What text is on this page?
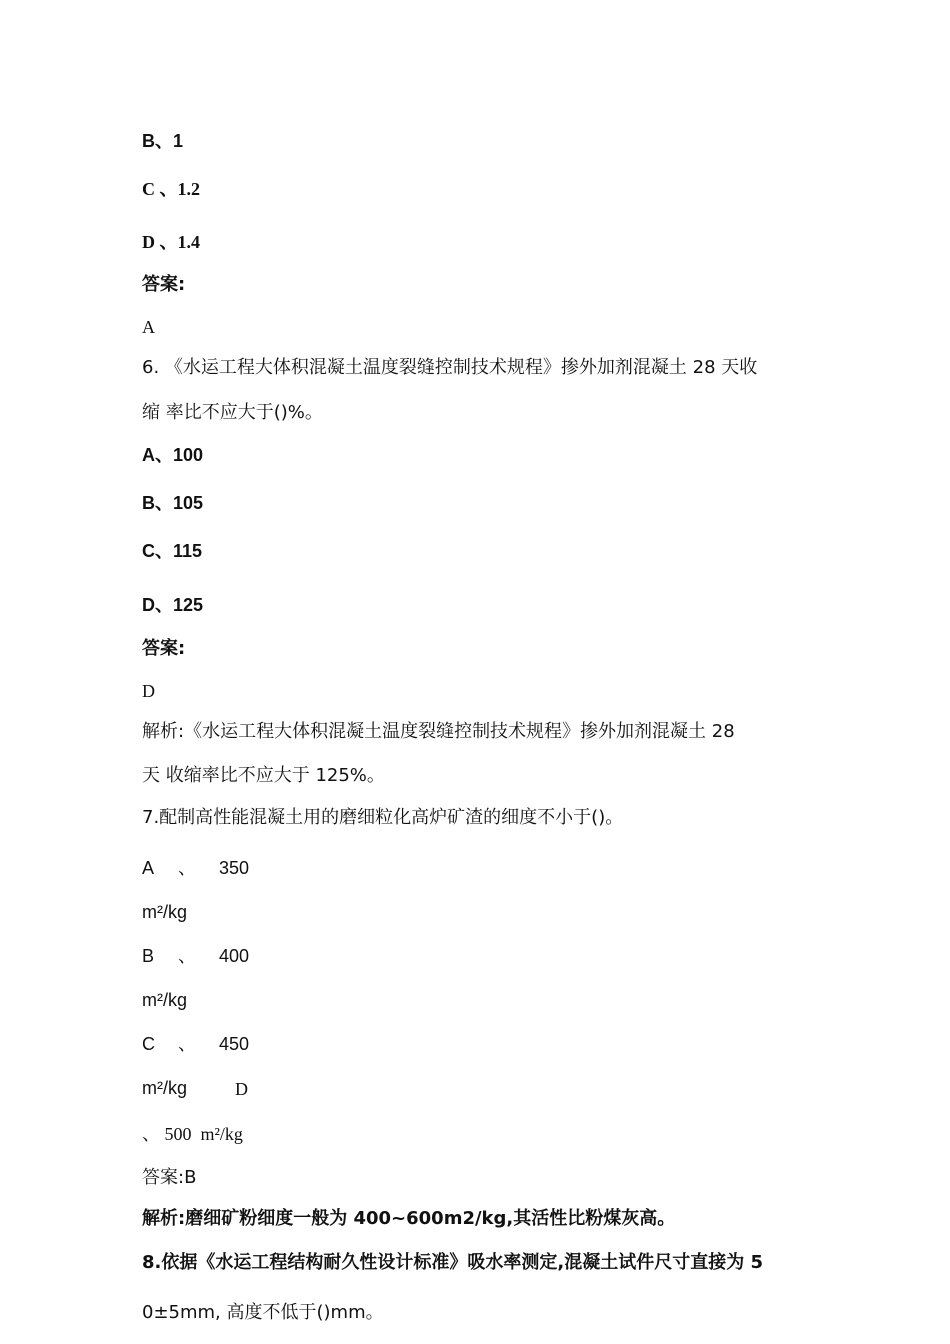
B、1
C 、1.2
D 、1.4
答案:
A
6. 《水运工程大体积混凝土温度裂缝控制技术规程》掺外加剂混凝土 28 天收
缩 率比不应大于()%。
A、100
B、105
C、115
D、125
答案:
D
解析:《水运工程大体积混凝土温度裂缝控制技术规程》掺外加剂混凝土 28
天 收缩率比不应大于 125%。
7.配制高性能混凝土用的磨细粒化高炉矿渣的细度不小于()。
A 、 350
m²/kg
B 、 400
m²/kg
C 、 450
m²/kg	D
、 500  m²/kg
答案:B
解析:磨细矿粉细度一般为 400~600m2/kg,其活性比粉煤灰高。
8.依据《水运工程结构耐久性设计标准》吸水率测定,混凝土试件尺寸直接为 5
0±5mm, 高度不低于()mm。
